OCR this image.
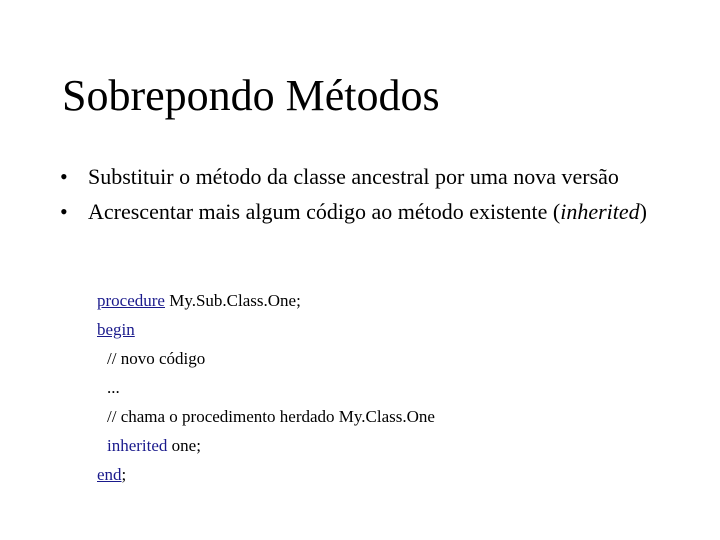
Sobrepondo Métodos
• Substituir o método da classe ancestral por uma nova versão
• Acrescentar mais algum código ao método existente (inherited)
procedure My.Sub.Class.One;
begin
// novo código
...
// chama o procedimento herdado My.Class.One
inherited one;
end;
